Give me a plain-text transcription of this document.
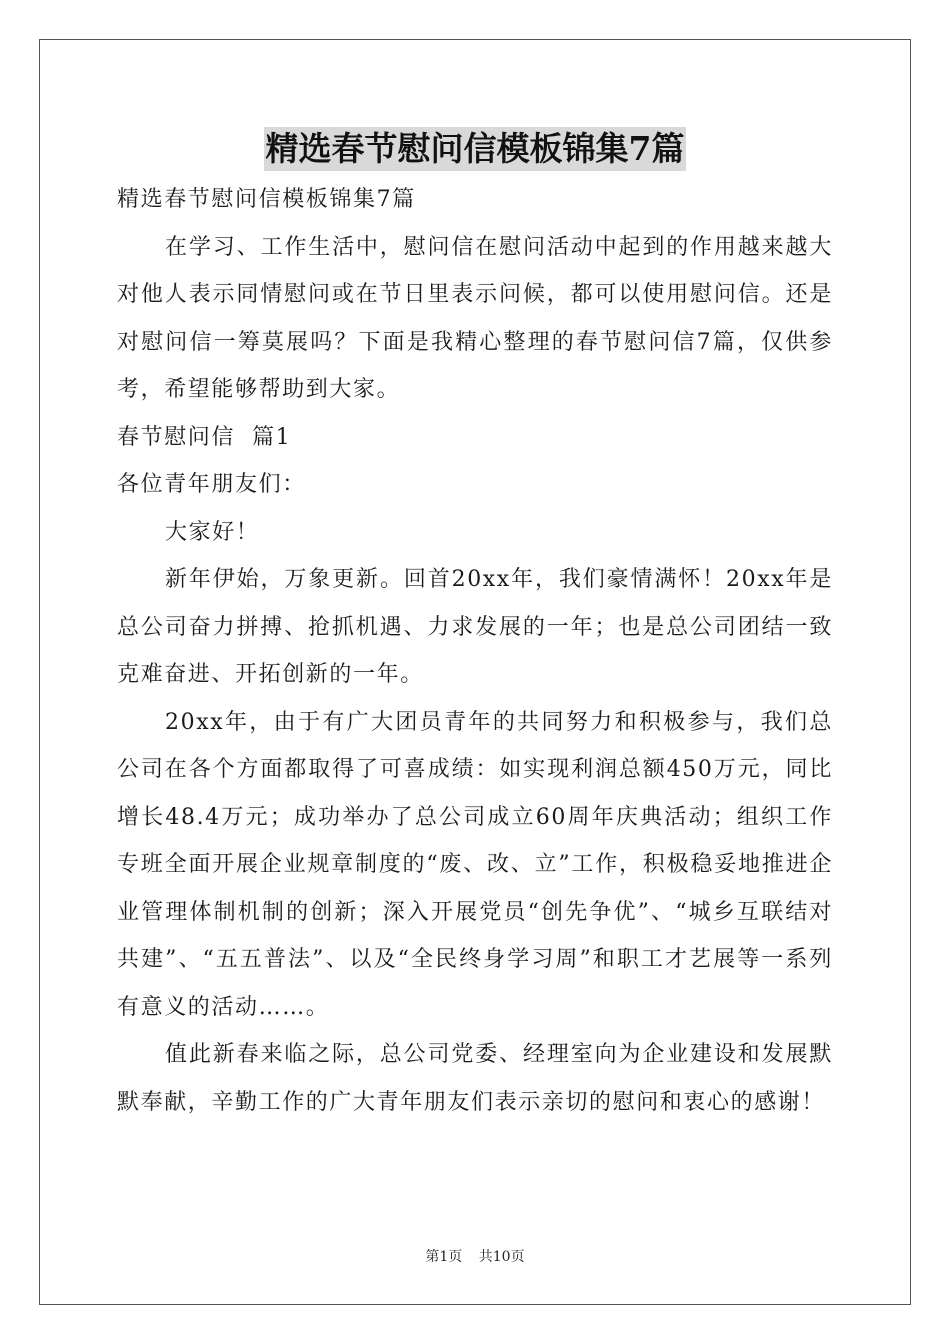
精选春节慰问信模板锦集7篇

精选春节慰问信模板锦集7篇

在学习、工作生活中，慰问信在慰问活动中起到的作用越来越大对他人表示同情慰问或在节日里表示问候，都可以使用慰问信。还是对慰问信一筹莫展吗？下面是我精心整理的春节慰问信7篇，仅供参考，希望能够帮助到大家。

春节慰问信  篇1

各位青年朋友们：

大家好！

新年伊始，万象更新。回首20xx年，我们豪情满怀！20xx年是总公司奋力拼搏、抢抓机遇、力求发展的一年；也是总公司团结一致克难奋进、开拓创新的一年。

20xx年，由于有广大团员青年的共同努力和积极参与，我们总公司在各个方面都取得了可喜成绩：如实现利润总额450万元，同比增长48.4万元；成功举办了总公司成立60周年庆典活动；组织工作专班全面开展企业规章制度的“废、改、立”工作，积极稳妥地推进企业管理体制机制的创新；深入开展党员“创先争优”、“城乡互联结对共建”、“五五普法”、以及“全民终身学习周”和职工才艺展等一系列有意义的活动……。

值此新春来临之际，总公司党委、经理室向为企业建设和发展默默奉献，辛勤工作的广大青年朋友们表示亲切的慰问和衷心的感谢！

第1页 共10页
